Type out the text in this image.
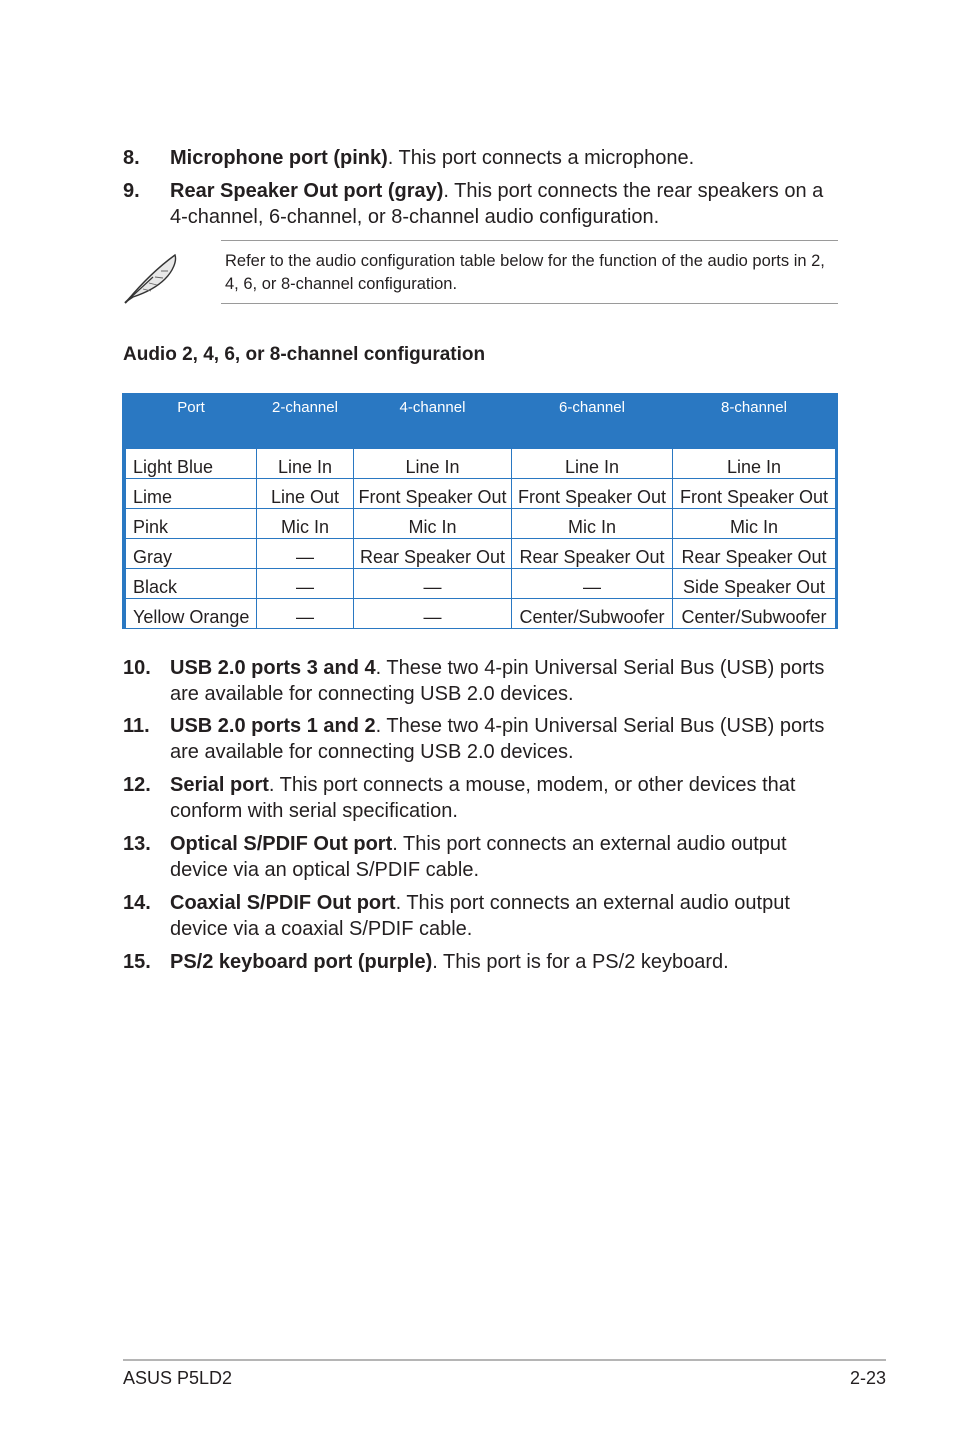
8. Microphone port (pink). This port connects a microphone.
9. Rear Speaker Out port (gray). This port connects the rear speakers on a 4-channel, 6-channel, or 8-channel audio configuration.
Refer to the audio configuration table below for the function of the audio ports in 2, 4, 6, or 8-channel configuration.
Audio 2, 4, 6, or 8-channel configuration
Port	2-channel	4-channel	6-channel	8-channel
Light Blue	Line In	Line In	Line In	Line In
Lime	Line Out	Front Speaker Out	Front Speaker Out	Front Speaker Out
Pink	Mic In	Mic In	Mic In	Mic In
Gray	—	Rear Speaker Out	Rear Speaker Out	Rear Speaker Out
Black	—	—	—	Side Speaker Out
Yellow Orange	—	—	Center/Subwoofer	Center/Subwoofer
10. USB 2.0 ports 3 and 4. These two 4-pin Universal Serial Bus (USB) ports are available for connecting USB 2.0 devices.
11. USB 2.0 ports 1 and 2. These two 4-pin Universal Serial Bus (USB) ports are available for connecting USB 2.0 devices.
12. Serial port. This port connects a mouse, modem, or other devices that conform with serial specification.
13. Optical S/PDIF Out port. This port connects an external audio output device via an optical S/PDIF cable.
14. Coaxial S/PDIF Out port. This port connects an external audio output device via a coaxial S/PDIF cable.
15. PS/2 keyboard port (purple). This port is for a PS/2 keyboard.
ASUS P5LD2	2-23
